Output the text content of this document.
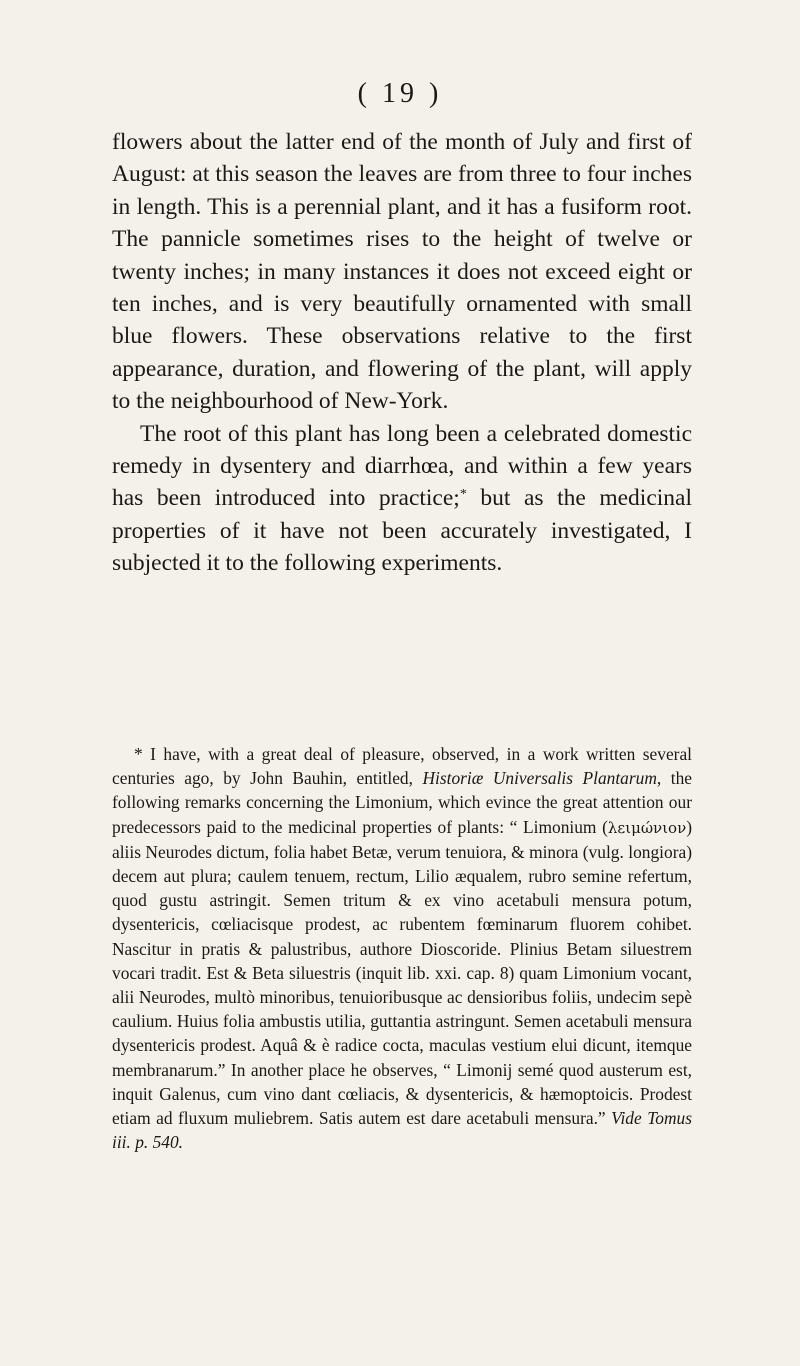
( 19 )

flowers about the latter end of the month of July and first of August: at this season the leaves are from three to four inches in length. This is a perennial plant, and it has a fusiform root. The pannicle sometimes rises to the height of twelve or twenty inches; in many instances it does not exceed eight or ten inches, and is very beautifully ornamented with small blue flowers. These observations relative to the first appearance, duration, and flowering of the plant, will apply to the neighbourhood of New-York.

The root of this plant has long been a celebrated domestic remedy in dysentery and diarrhœa, and within a few years has been introduced into practice;* but as the medicinal properties of it have not been accurately investigated, I subjected it to the following experiments.

* I have, with a great deal of pleasure, observed, in a work written several centuries ago, by John Bauhin, entitled, Historiæ Universalis Plantarum, the following remarks concerning the Limonium, which evince the great attention our predecessors paid to the medicinal properties of plants: “ Limonium (λειμώνιον) aliis Neurodes dictum, folia habet Betæ, verum tenuiora, & minora (vulg. longiora) decem aut plura; caulem tenuem, rectum, Lilio æqualem, rubro semine refertum, quod gustu astringit. Semen tritum & ex vino acetabuli mensura potum, dysentericis, cœliacisque prodest, ac rubentem fœminarum fluorem cohibet. Nascitur in pratis & palustribus, authore Dioscoride. Plinius Betam siluestrem vocari tradit. Est & Beta siluestris (inquit lib. xxi. cap. 8) quam Limonium vocant, alii Neurodes, multò minoribus, tenuioribusque ac densioribus foliis, undecim sepè caulium. Huius folia ambustis utilia, guttantia astringunt. Semen acetabuli mensura dysentericis prodest. Aquâ & è radice cocta, maculas vestium elui dicunt, itemque membranarum.” In another place he observes, “ Limonij semé quod austerum est, inquit Galenus, cum vino dant cœliacis, & dysentericis, & hæmoptoicis. Prodest etiam ad fluxum muliebrem. Satis autem est dare acetabuli mensura.” Vide Tomus iii. p. 540.
